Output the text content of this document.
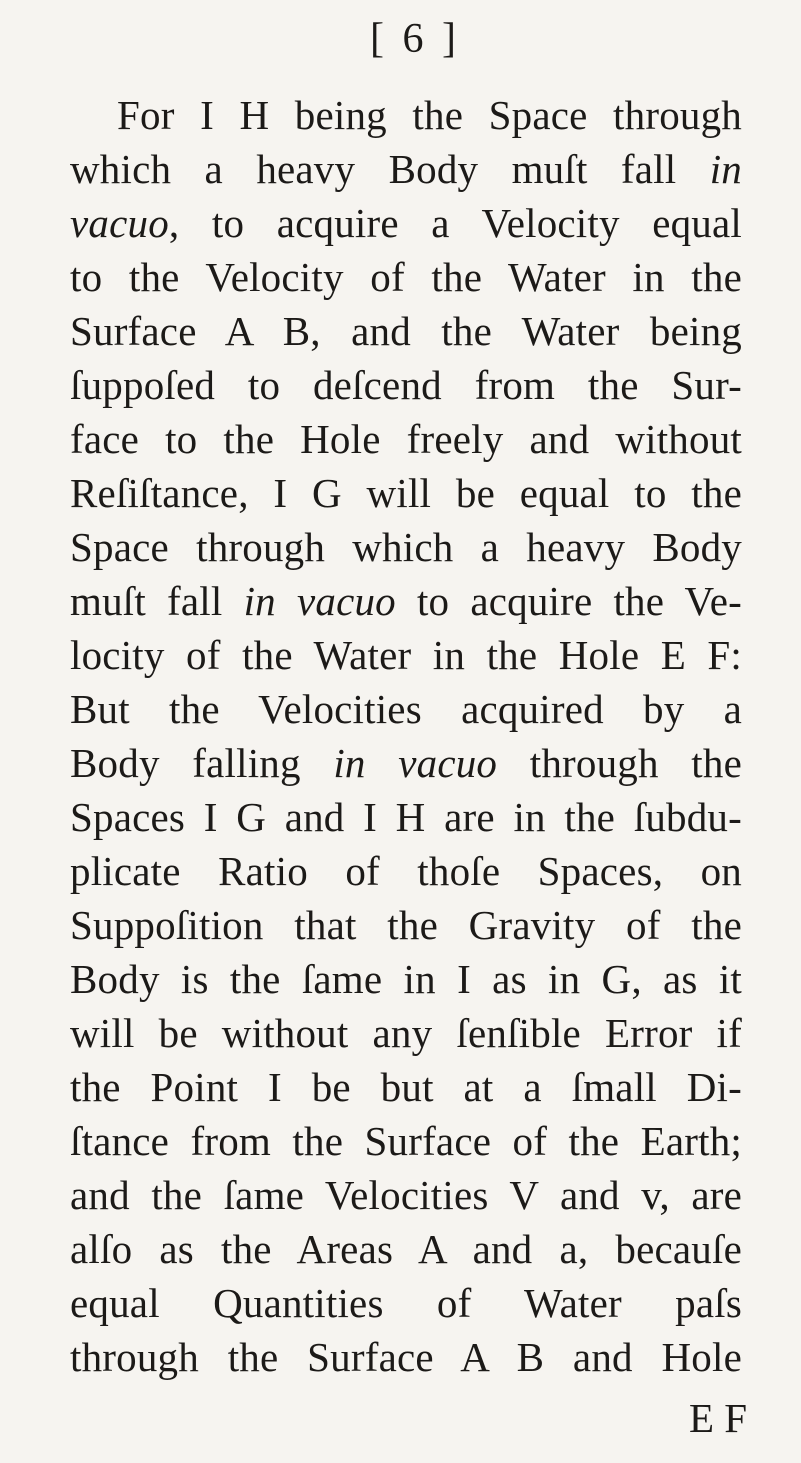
[ 6 ]
For I H being the Space through
which a heavy Body muſt fall in
vacuo, to acquire a Velocity equal
to the Velocity of the Water in the
Surface A B, and the Water being
ſuppoſed to deſcend from the Sur-
face to the Hole freely and without
Reſiſtance, I G will be equal to the
Space through which a heavy Body
muſt fall in vacuo to acquire the Ve-
locity of the Water in the Hole E F:
But the Velocities acquired by a
Body falling in vacuo through the
Spaces I G and I H are in the ſubdu-
plicate Ratio of thoſe Spaces, on
Suppoſition that the Gravity of the
Body is the ſame in I as in G, as it
will be without any ſenſible Error if
the Point I be but at a ſmall Di-
ſtance from the Surface of the Earth;
and the ſame Velocities V and v, are
alſo as the Areas A and a, becauſe
equal Quantities of Water paſs
through the Surface A B and Hole
E F
